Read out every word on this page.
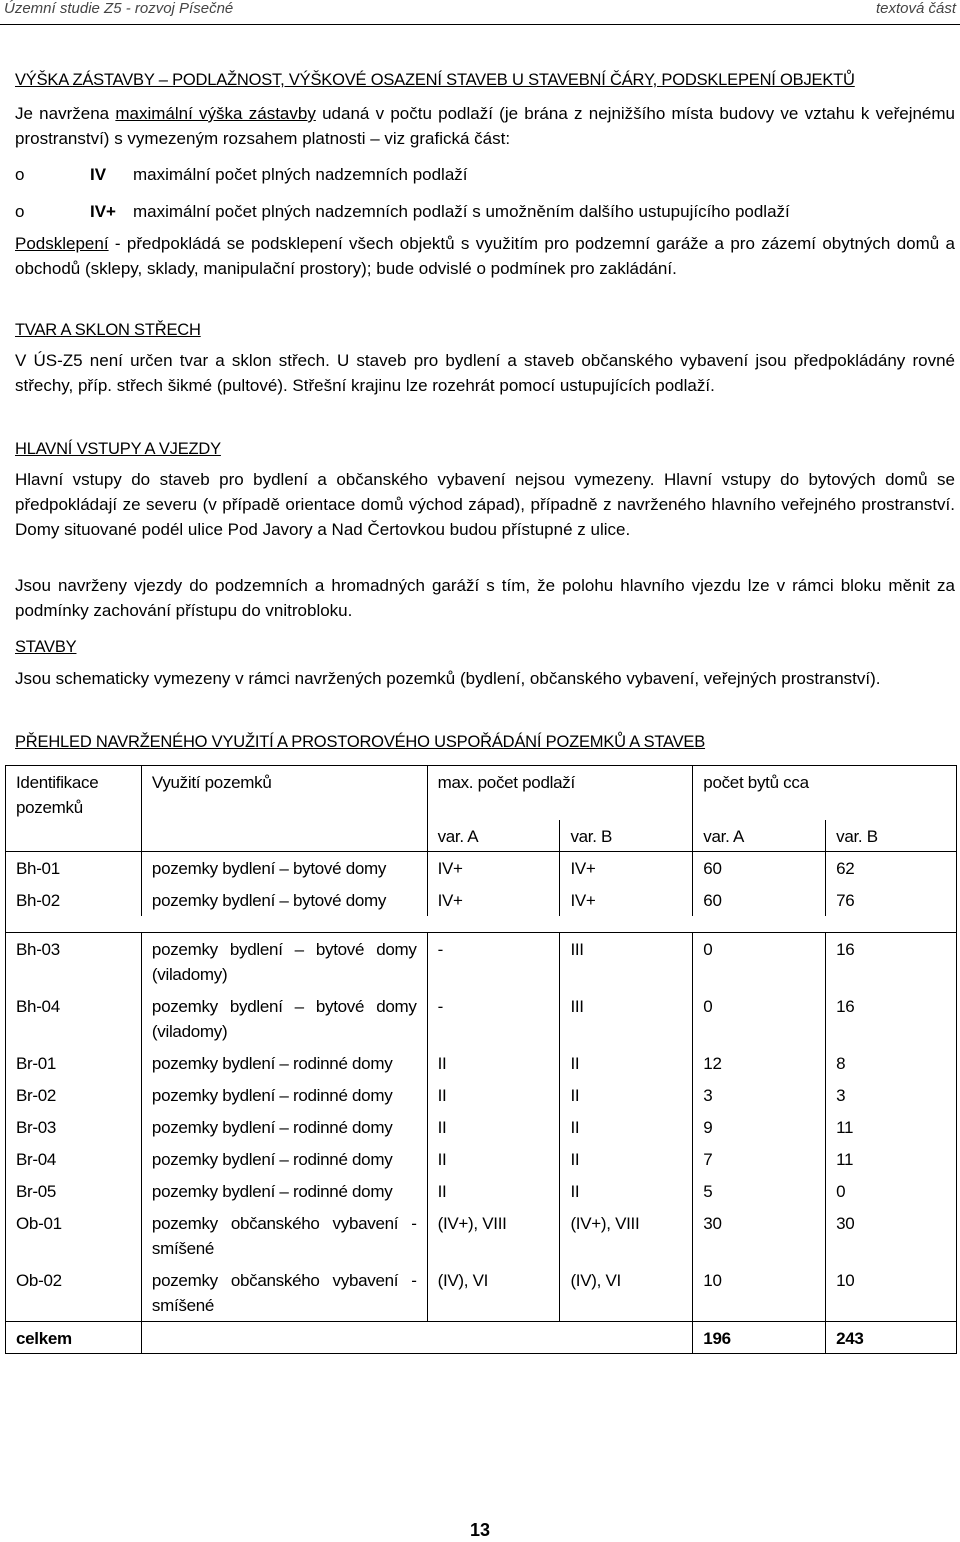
Územní studie Z5 - rozvoj Písečné	textová část
VÝŠKA ZÁSTAVBY – PODLAŽNOST, VÝŠKOVÉ OSAZENÍ STAVEB U STAVEBNÍ ČÁRY, PODSKLEPENÍ OBJEKTŮ
Je navržena maximální výška zástavby udaná v počtu podlaží (je brána z nejnižšího místa budovy ve vztahu k veřejnému prostranství) s vymezeným rozsahem platnosti – viz grafická část:
o	IV maximální počet plných nadzemních podlaží
o	IV+ maximální počet plných nadzemních podlaží s umožněním dalšího ustupujícího podlaží
Podsklepení - předpokládá se podsklepení všech objektů s využitím pro podzemní garáže a pro zázemí obytných domů a obchodů (sklepy, sklady, manipulační prostory); bude odvislé o podmínek pro zakládání.
TVAR A SKLON STŘECH
V ÚS-Z5 není určen tvar a sklon střech. U staveb pro bydlení a staveb občanského vybavení jsou předpokládány rovné střechy, příp. střech šikmé (pultové). Střešní krajinu lze rozehrát pomocí ustupujících podlaží.
HLAVNÍ VSTUPY A VJEZDY
Hlavní vstupy do staveb pro bydlení a občanského vybavení nejsou vymezeny. Hlavní vstupy do bytových domů se předpokládají ze severu (v případě orientace domů východ západ), případně z navrženého hlavního veřejného prostranství. Domy situované podél ulice Pod Javory a Nad Čertovkou budou přístupné z ulice.
Jsou navrženy vjezdy do podzemních a hromadných garáží s tím, že polohu hlavního vjezdu lze v rámci bloku měnit za podmínky zachování přístupu do vnitrobloku.
STAVBY
Jsou schematicky vymezeny v rámci navržených pozemků (bydlení, občanského vybavení, veřejných prostranství).
PŘEHLED NAVRŽENÉHO VYUŽITÍ A PROSTOROVÉHO USPOŘÁDÁNÍ POZEMKŮ A STAVEB
Identifikace pozemků	Využití pozemků	max. počet podlaží		počet bytů cca	
		var. A	var. B	var. A	var. B
Bh-01	pozemky bydlení – bytové domy	IV+	IV+	60	62
Bh-02	pozemky bydlení – bytové domy	IV+	IV+	60	76

Bh-03	pozemky bydlení – bytové domy (viladomy)	-	III	0	16
Bh-04	pozemky bydlení – bytové domy (viladomy)	-	III	0	16
Br-01	pozemky bydlení – rodinné domy	II	II	12	8
Br-02	pozemky bydlení – rodinné domy	II	II	3	3
Br-03	pozemky bydlení – rodinné domy	II	II	9	11
Br-04	pozemky bydlení – rodinné domy	II	II	7	11
Br-05	pozemky bydlení – rodinné domy	II	II	5	0
Ob-01	pozemky občanského vybavení - smíšené	(IV+), VIII	(IV+), VIII	30	30
Ob-02	pozemky občanského vybavení - smíšené	(IV), VI	(IV), VI	10	10
celkem				196	243
13
